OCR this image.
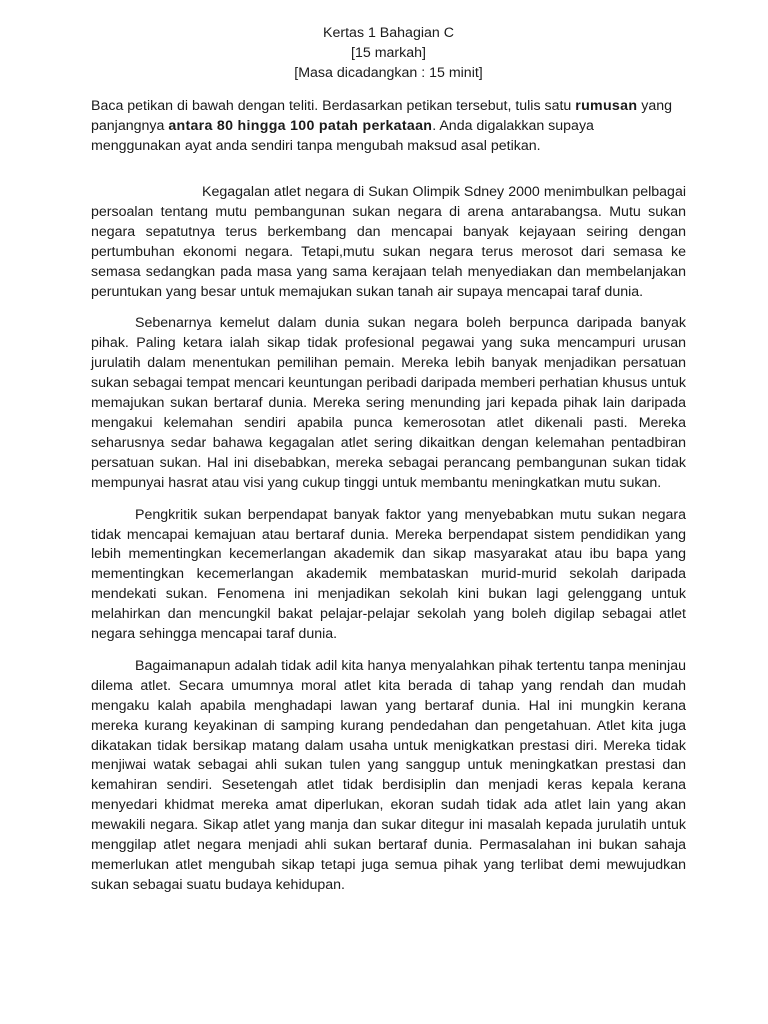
Kertas 1 Bahagian C
[15 markah]
[Masa dicadangkan : 15 minit]
Baca petikan di bawah dengan teliti. Berdasarkan petikan tersebut, tulis satu rumusan yang panjangnya antara 80 hingga 100 patah perkataan. Anda digalakkan supaya menggunakan ayat anda sendiri tanpa mengubah maksud asal petikan.

Kegagalan atlet negara di Sukan Olimpik Sdney 2000 menimbulkan pelbagai persoalan tentang mutu pembangunan sukan negara di arena antarabangsa. Mutu sukan negara sepatutnya terus berkembang dan mencapai banyak kejayaan seiring dengan pertumbuhan ekonomi negara. Tetapi,mutu sukan negara terus merosot dari semasa ke semasa sedangkan pada masa yang sama kerajaan telah menyediakan dan membelanjakan peruntukan yang besar untuk memajukan sukan tanah air supaya mencapai taraf dunia.

Sebenarnya kemelut dalam dunia sukan negara boleh berpunca daripada banyak pihak. Paling ketara ialah sikap tidak profesional pegawai yang suka mencampuri urusan jurulatih dalam menentukan pemilihan pemain. Mereka lebih banyak menjadikan persatuan sukan sebagai tempat mencari keuntungan peribadi daripada memberi perhatian khusus untuk memajukan sukan bertaraf dunia. Mereka sering menunding jari kepada pihak lain daripada mengakui kelemahan sendiri apabila punca kemerosotan atlet dikenali pasti. Mereka seharusnya sedar bahawa kegagalan atlet sering dikaitkan dengan kelemahan pentadbiran persatuan sukan. Hal ini disebabkan, mereka sebagai perancang pembangunan sukan tidak mempunyai hasrat atau visi yang cukup tinggi untuk membantu meningkatkan mutu sukan.

Pengkritik sukan berpendapat banyak faktor yang menyebabkan mutu sukan negara tidak mencapai kemajuan atau bertaraf dunia. Mereka berpendapat sistem pendidikan yang lebih mementingkan kecemerlangan akademik dan sikap masyarakat atau ibu bapa yang mementingkan kecemerlangan akademik membataskan murid-murid sekolah daripada mendekati sukan. Fenomena ini menjadikan sekolah kini bukan lagi gelenggang untuk melahirkan dan mencungkil bakat pelajar-pelajar sekolah yang boleh digilap sebagai atlet negara sehingga mencapai taraf dunia.

Bagaimanapun adalah tidak adil kita hanya menyalahkan pihak tertentu tanpa meninjau dilema atlet. Secara umumnya moral atlet kita berada di tahap yang rendah dan mudah mengaku kalah apabila menghadapi lawan yang bertaraf dunia. Hal ini mungkin kerana mereka kurang keyakinan di samping kurang pendedahan dan pengetahuan. Atlet kita juga dikatakan tidak bersikap matang dalam usaha untuk menigkatkan prestasi diri. Mereka tidak menjiwai watak sebagai ahli sukan tulen yang sanggup untuk meningkatkan prestasi dan kemahiran sendiri. Sesetengah atlet tidak berdisiplin dan menjadi keras kepala kerana menyedari khidmat mereka amat diperlukan, ekoran sudah tidak ada atlet lain yang akan mewakili negara. Sikap atlet yang manja dan sukar ditegur ini masalah kepada jurulatih untuk menggilap atlet negara menjadi ahli sukan bertaraf dunia. Permasalahan ini bukan sahaja memerlukan atlet mengubah sikap tetapi juga semua pihak yang terlibat demi mewujudkan sukan sebagai suatu budaya kehidupan.
